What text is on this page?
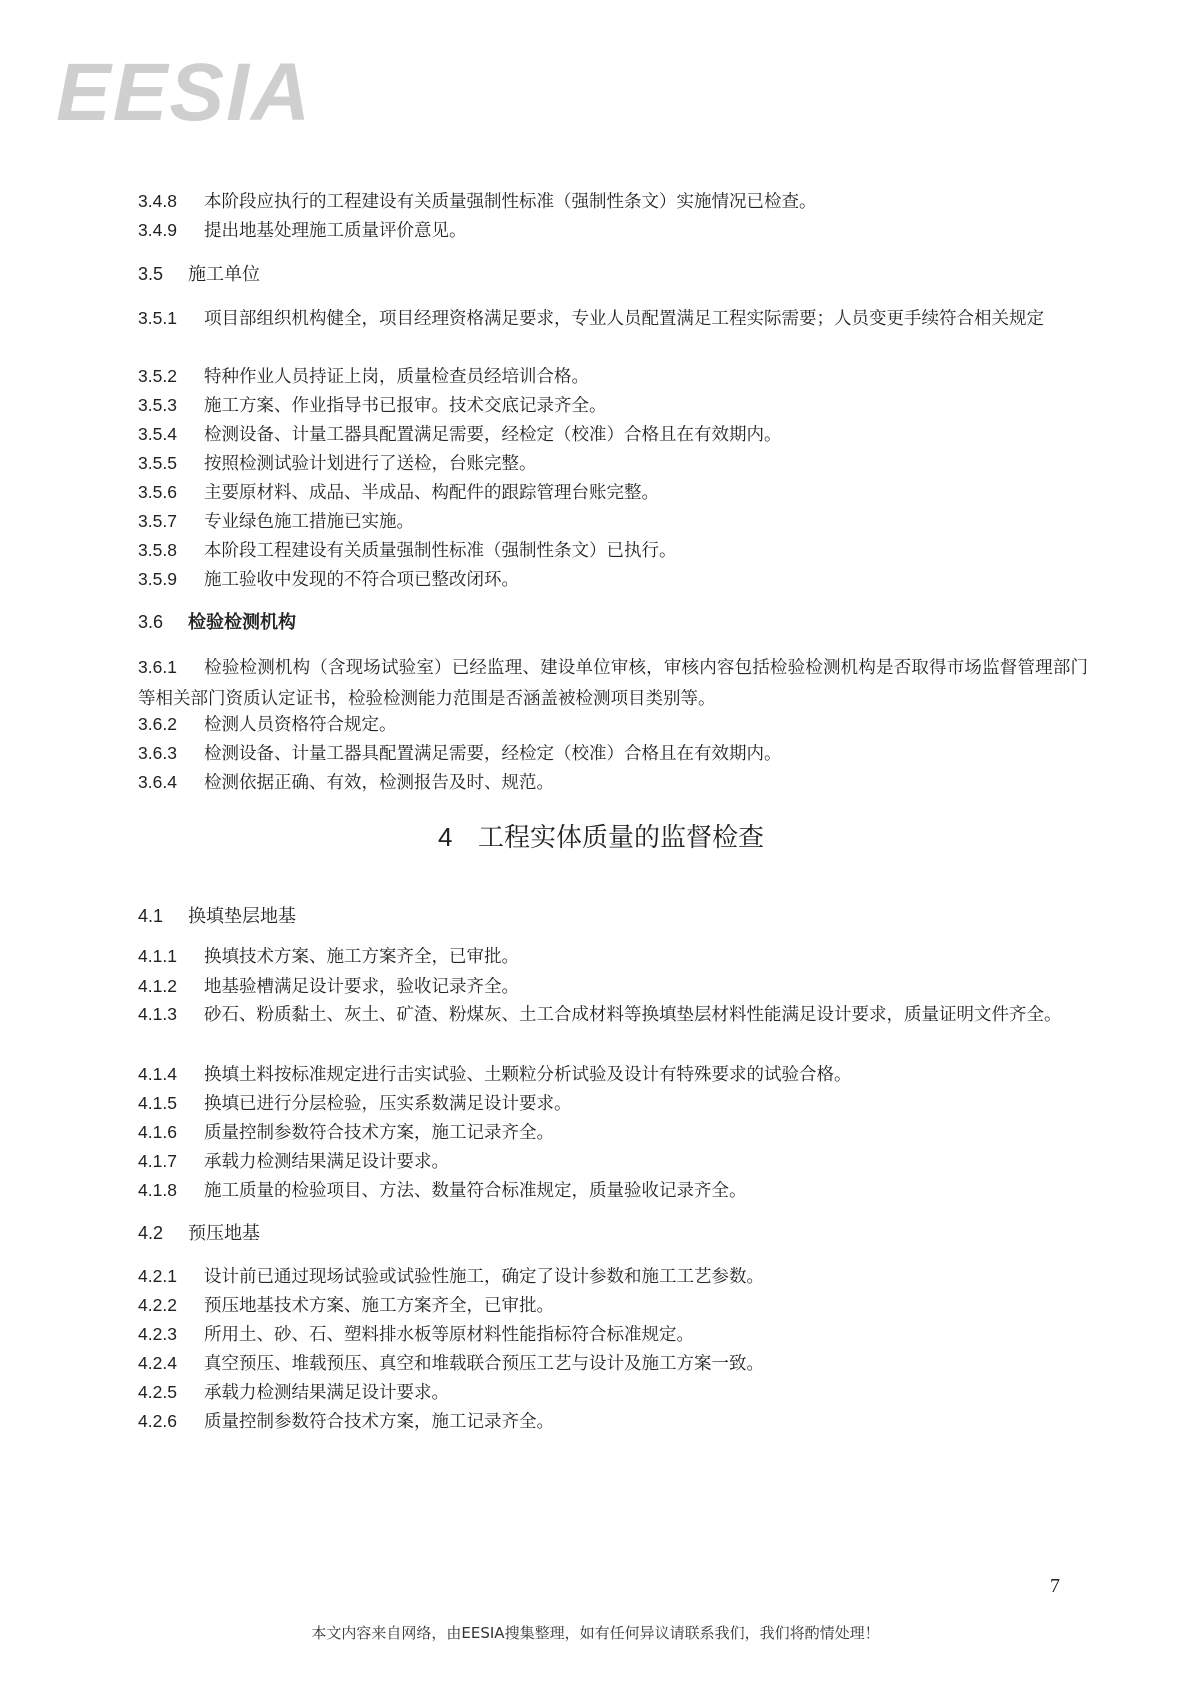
EESIA
3.4.8 本阶段应执行的工程建设有关质量强制性标准（强制性条文）实施情况已检查。
3.4.9 提出地基处理施工质量评价意见。
3.5 施工单位
3.5.1 项目部组织机构健全，项目经理资格满足要求，专业人员配置满足工程实际需要；人员变更手续符合相关规定
3.5.2 特种作业人员持证上岗，质量检查员经培训合格。
3.5.3 施工方案、作业指导书已报审。技术交底记录齐全。
3.5.4 检测设备、计量工器具配置满足需要，经检定（校准）合格且在有效期内。
3.5.5 按照检测试验计划进行了送检，台账完整。
3.5.6 主要原材料、成品、半成品、构配件的跟踪管理台账完整。
3.5.7 专业绿色施工措施已实施。
3.5.8 本阶段工程建设有关质量强制性标准（强制性条文）已执行。
3.5.9 施工验收中发现的不符合项已整改闭环。
3.6 检验检测机构
3.6.1 检验检测机构（含现场试验室）已经监理、建设单位审核，审核内容包括检验检测机构是否取得市场监督管理部门等相关部门资质认定证书，检验检测能力范围是否涵盖被检测项目类别等。
3.6.2 检测人员资格符合规定。
3.6.3 检测设备、计量工器具配置满足需要，经检定（校准）合格且在有效期内。
3.6.4 检测依据正确、有效，检测报告及时、规范。
4 工程实体质量的监督检查
4.1 换填垫层地基
4.1.1 换填技术方案、施工方案齐全，已审批。
4.1.2 地基验槽满足设计要求，验收记录齐全。
4.1.3 砂石、粉质黏土、灰土、矿渣、粉煤灰、土工合成材料等换填垫层材料性能满足设计要求，质量证明文件齐全。
4.1.4 换填土料按标准规定进行击实试验、土颗粒分析试验及设计有特殊要求的试验合格。
4.1.5 换填已进行分层检验，压实系数满足设计要求。
4.1.6 质量控制参数符合技术方案，施工记录齐全。
4.1.7 承载力检测结果满足设计要求。
4.1.8 施工质量的检验项目、方法、数量符合标准规定，质量验收记录齐全。
4.2 预压地基
4.2.1 设计前已通过现场试验或试验性施工，确定了设计参数和施工工艺参数。
4.2.2 预压地基技术方案、施工方案齐全，已审批。
4.2.3 所用土、砂、石、塑料排水板等原材料性能指标符合标准规定。
4.2.4 真空预压、堆载预压、真空和堆载联合预压工艺与设计及施工方案一致。
4.2.5 承载力检测结果满足设计要求。
4.2.6 质量控制参数符合技术方案，施工记录齐全。
7
本文内容来自网络，由EESIA搜集整理，如有任何异议请联系我们，我们将酌情处理！
